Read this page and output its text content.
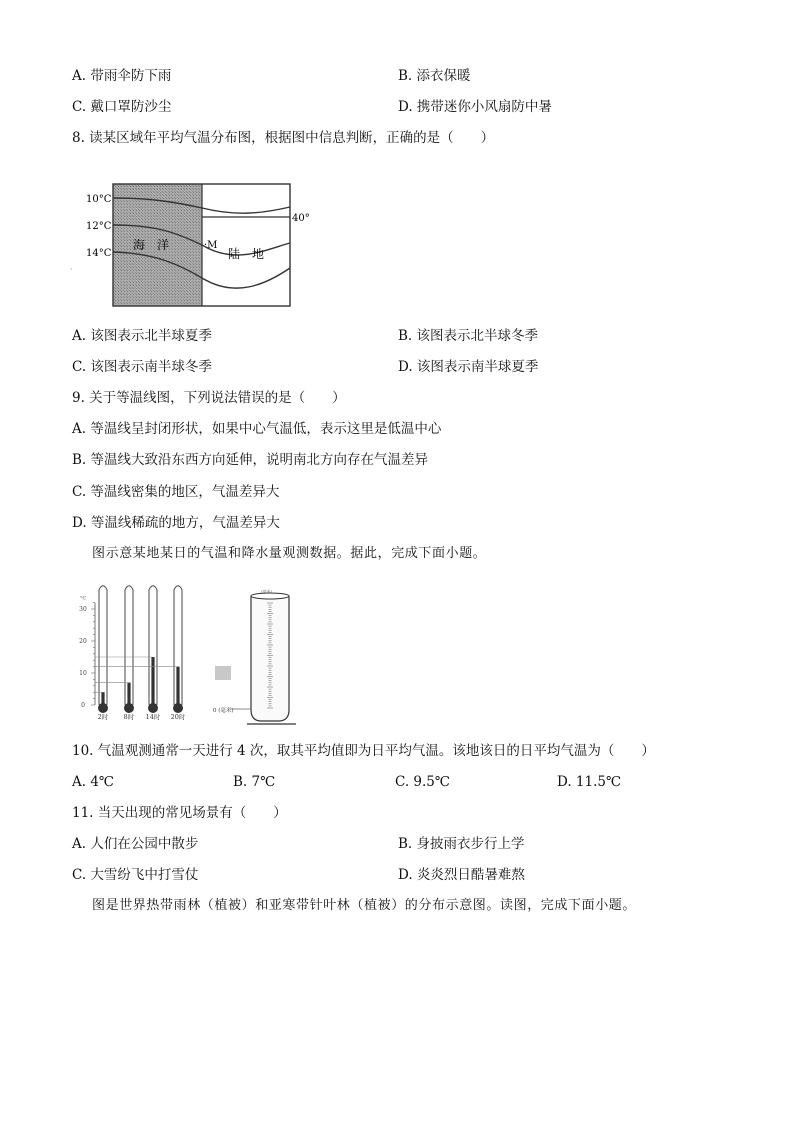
A. 带雨伞防下雨	B. 添衣保暖
C. 戴口罩防沙尘	D. 携带迷你小风扇防中暑
8. 读某区域年平均气温分布图，根据图中信息判断，正确的是（　　）
10°C
12°C
14°C
40°
海　洋	·M
陆　地
·
A. 该图表示北半球夏季	B. 该图表示北半球冬季
C. 该图表示南半球冬季	D. 该图表示南半球夏季
9. 关于等温线图，下列说法错误的是（　　）
A. 等温线呈封闭形状，如果中心气温低，表示这里是低温中心
B. 等温线大致沿东西方向延伸，说明南北方向存在气温差异
C. 等温线密集的地区，气温差异大
D. 等温线稀疏的地方，气温差异大
图示意某地某日的气温和降水量观测数据。据此，完成下面小题。
30
20
10
0
°C
2时 8时 14时 20时
(毫米)
0 (毫米)
10. 气温观测通常一天进行 4 次，取其平均值即为日平均气温。该地该日的日平均气温为（　　）
A. 4℃	B. 7℃	C. 9.5℃	D. 11.5℃
11. 当天出现的常见场景有（　　）
A. 人们在公园中散步	B. 身披雨衣步行上学
C. 大雪纷飞中打雪仗	D. 炎炎烈日酷暑难熬
图是世界热带雨林（植被）和亚寒带针叶林（植被）的分布示意图。读图，完成下面小题。
